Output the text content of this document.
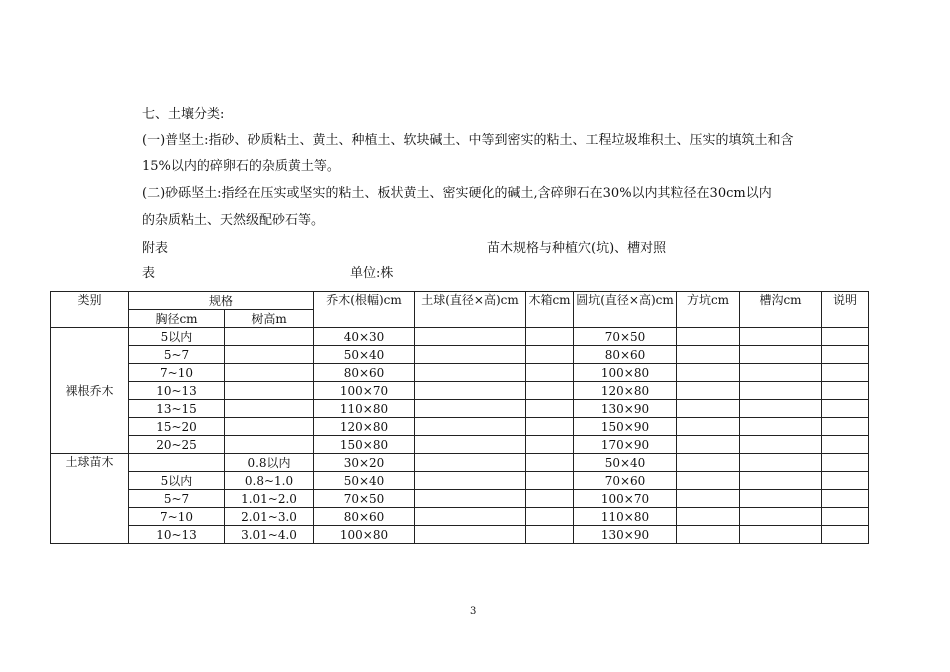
七、土壤分类:
(一)普坚土:指砂、砂质粘土、黄土、种植土、软块碱土、中等到密实的粘土、工程垃圾堆积土、压实的填筑土和含
15%以内的碎卵石的杂质黄土等。
(二)砂砾坚土:指经在压实或坚实的粘土、板状黄土、密实硬化的碱土,含碎卵石在30%以内其粒径在30cm以内
的杂质粘土、天然级配砂石等。
附表	苗木规格与种植穴(坑)、槽对照
表	单位:株
类别	规格		乔木(根幅)cm	土球(直径×高)cm	木箱cm	圆坑(直径×高)cm	方坑cm	槽沟cm	说明
	胸径cm	树高m							
裸根乔木	5以内		40×30			70×50			
	5~7		50×40			80×60			
	7~10		80×60			100×80			
	10~13		100×70			120×80			
	13~15		110×80			130×90			
	15~20		120×80			150×90			
	20~25		150×80			170×90			
土球苗木		0.8以内	30×20			50×40			
	5以内	0.8~1.0	50×40			70×60			
	5~7	1.01~2.0	70×50			100×70			
	7~10	2.01~3.0	80×60			110×80			
	10~13	3.01~4.0	100×80			130×90			
3
